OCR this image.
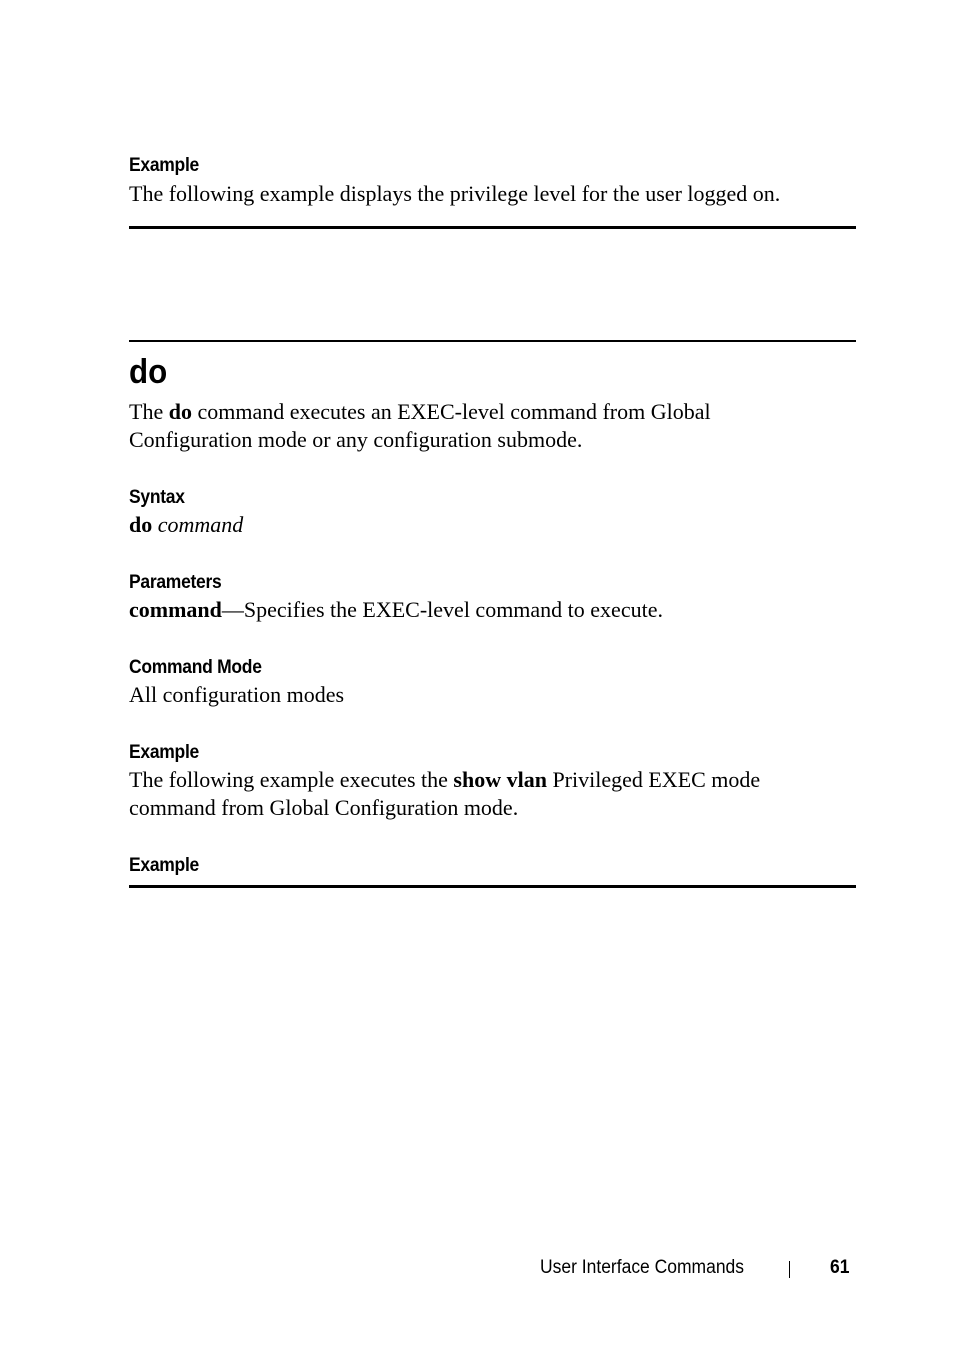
Example
The following example displays the privilege level for the user logged on.
do
The do command executes an EXEC-level command from Global
Configuration mode or any configuration submode.
Syntax
do command
Parameters
command—Specifies the EXEC-level command to execute.
Command Mode
All configuration modes
Example
The following example executes the show vlan Privileged EXEC mode
command from Global Configuration mode.
Example
User Interface Commands	61
